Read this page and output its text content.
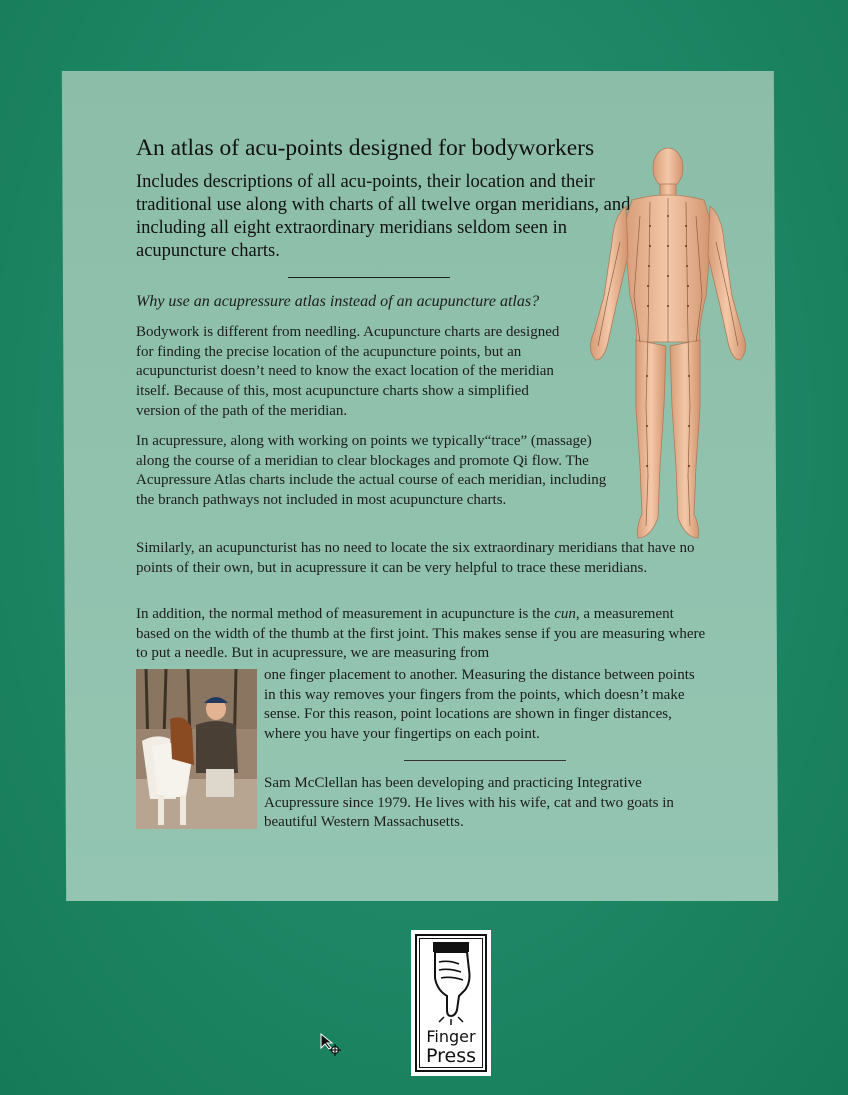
An atlas of acu-points designed for bodyworkers
Includes descriptions of all acu-points, their location and their traditional use along with charts of all twelve organ meridians, and including all eight extraordinary meridians seldom seen in acupuncture charts.
Why use an acupressure atlas instead of an acupuncture atlas?
Bodywork is different from needling. Acupuncture charts are designed for finding the precise location of the acupuncture points, but an acupuncturist doesn’t need to know the exact location of the meridian itself. Because of this, most acupuncture charts show a simplified version of the path of the meridian.
In acupressure, along with working on points we typically“trace” (massage) along the course of a meridian to clear blockages and promote Qi flow. The Acupressure Atlas charts include the actual course of each meridian, including the branch pathways not included in most acupuncture charts.
Similarly, an acupuncturist has no need to locate the six extraordinary meridians that have no points of their own, but in acupressure it can be very helpful to trace these meridians.
In addition, the normal method of measurement in acupuncture is the cun, a measurement based on the width of the thumb at the first joint. This makes sense if you are measuring where to put a needle. But in acupressure, we are measuring from
one finger placement to another. Measuring the distance between points in this way removes your fingers from the points, which doesn’t make sense. For this reason, point locations are shown in finger distances, where you have your fingertips on each point.
Sam McClellan has been developing and practicing Integrative Acupressure since 1979. He lives with his wife, cat and two goats in beautiful Western Massachusetts.
Finger
Press
